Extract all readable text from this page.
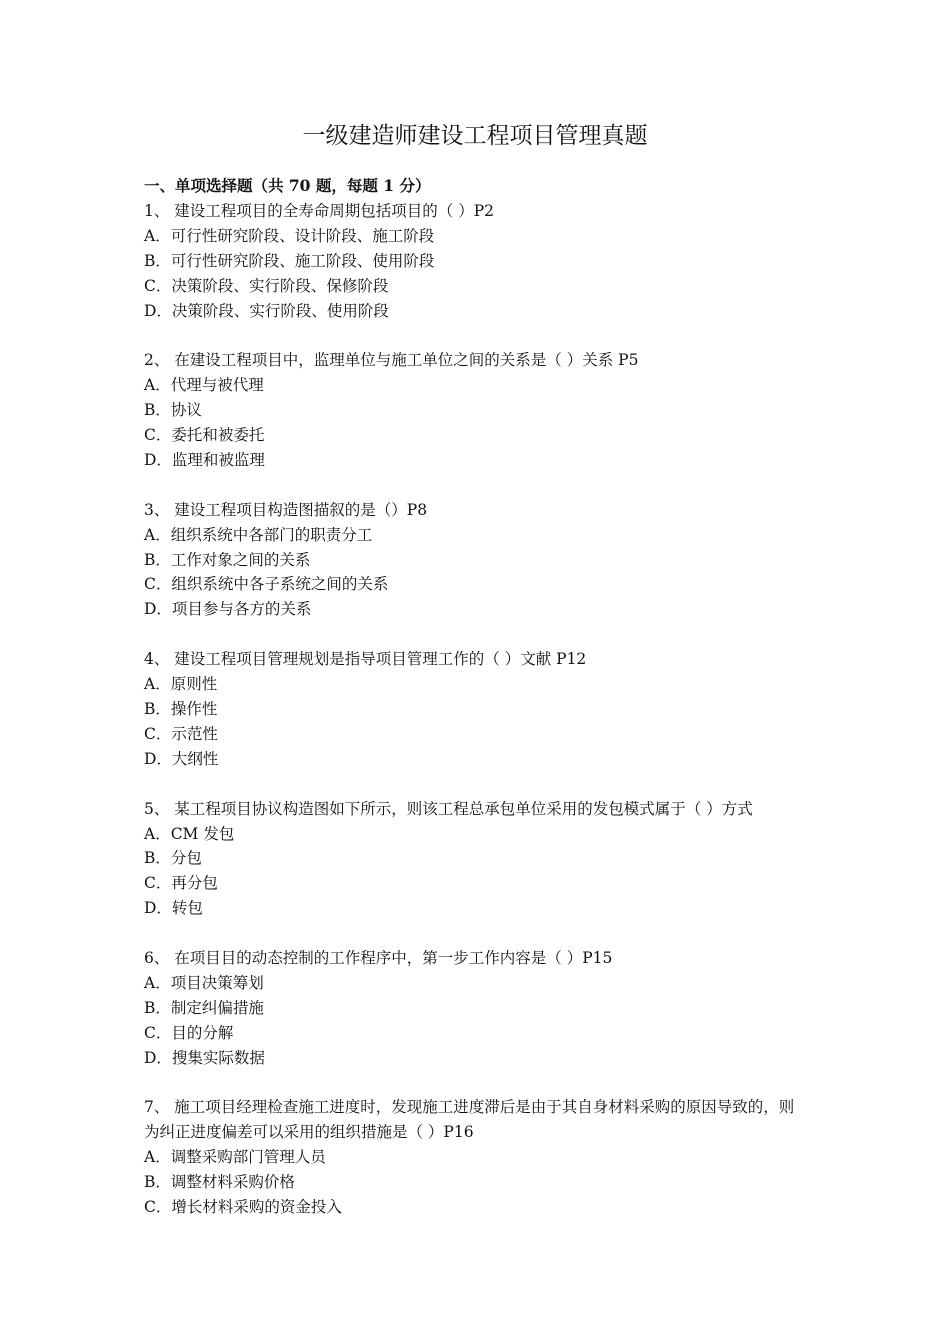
一级建造师建设工程项目管理真题
一、单项选择题（共 70 题，每题 1 分）
1、 建设工程项目的全寿命周期包括项目的（ ）P2
A．可行性研究阶段、设计阶段、施工阶段
B．可行性研究阶段、施工阶段、使用阶段
C．决策阶段、实行阶段、保修阶段
D．决策阶段、实行阶段、使用阶段
2、 在建设工程项目中，监理单位与施工单位之间的关系是（ ）关系 P5
A．代理与被代理
B．协议
C．委托和被委托
D．监理和被监理
3、 建设工程项目构造图描叙的是（）P8
A．组织系统中各部门的职责分工
B．工作对象之间的关系
C．组织系统中各子系统之间的关系
D．项目参与各方的关系
4、 建设工程项目管理规划是指导项目管理工作的（ ）文献 P12
A．原则性
B．操作性
C．示范性
D．大纲性
5、 某工程项目协议构造图如下所示，则该工程总承包单位采用的发包模式属于（ ）方式
A．CM 发包
B．分包
C．再分包
D．转包
6、 在项目目的动态控制的工作程序中，第一步工作内容是（ ）P15
A．项目决策筹划
B．制定纠偏措施
C．目的分解
D．搜集实际数据
7、 施工项目经理检查施工进度时，发现施工进度滞后是由于其自身材料采购的原因导致的，则为纠正进度偏差可以采用的组织措施是（ ）P16
A．调整采购部门管理人员
B．调整材料采购价格
C．增长材料采购的资金投入
